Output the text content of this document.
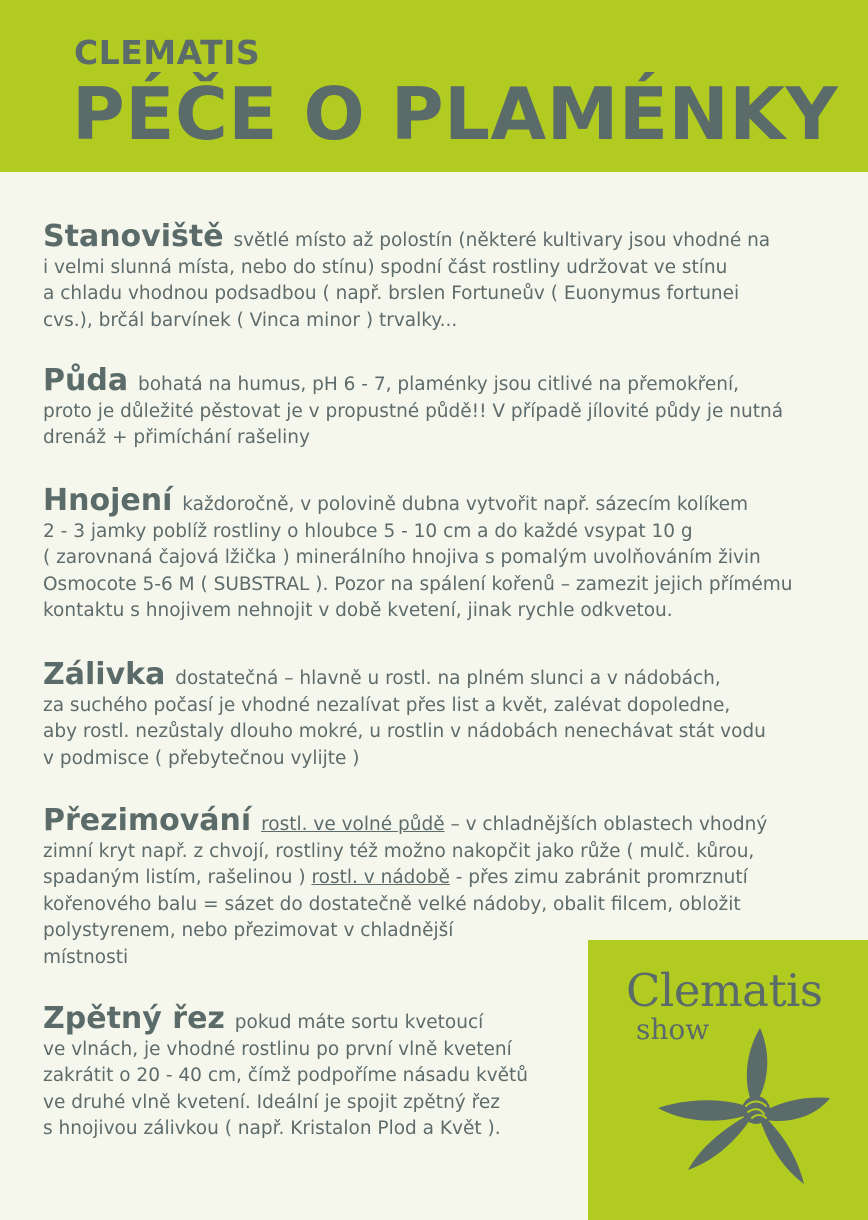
CLEMATIS
PÉČE O PLAMÉNKY

Stanoviště světlé místo až polostín (některé kultivary jsou vhodné na

i velmi slunná místa, nebo do stínu) spodní část rostliny udržovat ve stínu

a chladu vhodnou podsadbou ( např. brslen Fortuneův ( Euonymus fortunei

cvs.), brčál barvínek ( Vinca minor ) trvalky...

Půda bohatá na humus, pH 6 - 7, plaménky jsou citlivé na přemokření,

proto je důležité pěstovat je v propustné půdě!! V případě jílovité půdy je nutná

drenáž + přimíchání rašeliny

Hnojení každoročně, v polovině dubna vytvořit např. sázecím kolíkem

2 - 3 jamky poblíž rostliny o hloubce 5 - 10 cm a do každé vsypat 10 g

( zarovnaná čajová lžička ) minerálního hnojiva s pomalým uvolňováním živin

Osmocote 5-6 M ( SUBSTRAL ). Pozor na spálení kořenů – zamezit jejich přímému

kontaktu s hnojivem nehnojit v době kvetení, jinak rychle odkvetou.

Zálivka dostatečná – hlavně u rostl. na plném slunci a v nádobách,

za suchého počasí je vhodné nezalívat přes list a květ, zalévat dopoledne,

aby rostl. nezůstaly dlouho mokré, u rostlin v nádobách nenechávat stát vodu

v podmisce ( přebytečnou vylijte )

Přezimování rostl. ve volné půdě – v chladnějších oblastech vhodný

zimní kryt např. z chvojí, rostliny též možno nakopčit jako růže ( mulč. kůrou,

spadaným listím, rašelinou ) rostl. v nádobě - přes zimu zabránit promrznutí

kořenového balu = sázet do dostatečně velké nádoby, obalit filcem, obložit

polystyrenem, nebo přezimovat v chladnější

místnosti

Zpětný řez pokud máte sortu kvetoucí

ve vlnách, je vhodné rostlinu po první vlně kvetení

zakrátit o 20 - 40 cm, čímž podpoříme násadu květů

ve druhé vlně kvetení. Ideální je spojit zpětný řez

s hnojivou zálivkou ( např. Kristalon Plod a Květ ).

Clematis
show
